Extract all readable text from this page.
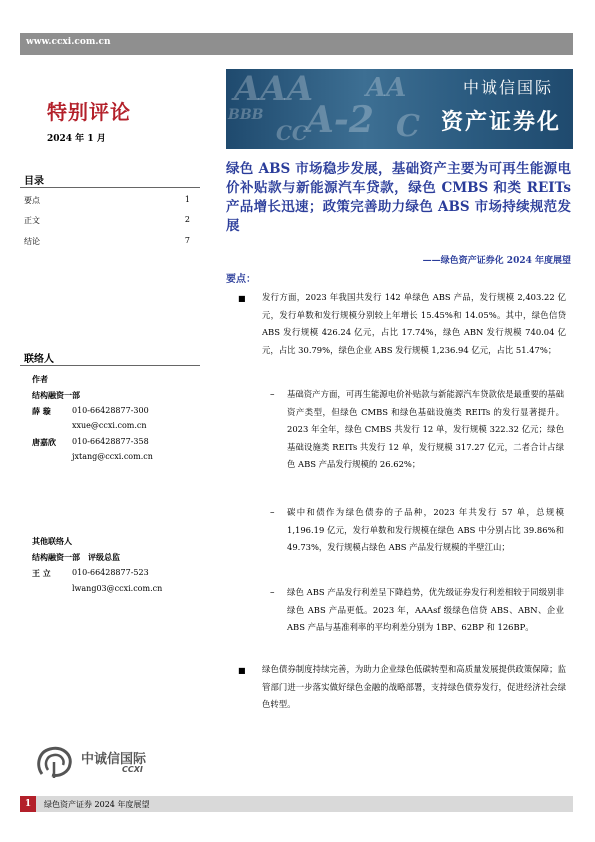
www.ccxi.com.cn
特别评论
2024 年 1 月
AAA
BBB A-2
CC
AA
C
中诚信国际
资产证券化
目录
要点	1
正文	2
结论	7
联络人
作者
结构融资一部
薛 璇	010-66428877-300
xxue@ccxi.com.cn
唐嘉欣 010-66428877-358
jxtang@ccxi.com.cn
其他联络人
结构融资一部　评级总监
王 立	010-66428877-523
lwang03@ccxi.com.cn
绿色 ABS 市场稳步发展，基础资产主要为可再生能源电价补贴款与新能源汽车贷款，绿色 CMBS 和类 REITs 产品增长迅速；政策完善助力绿色 ABS 市场持续规范发展
——绿色资产证券化 2024 年度展望
要点：
■ 发行方面，2023 年我国共发行 142 单绿色 ABS 产品，发行规模 2,403.22 亿元，发行单数和发行规模分别较上年增长 15.45%和 14.05%。其中，绿色信贷 ABS 发行规模 426.24 亿元，占比 17.74%，绿色 ABN 发行规模 740.04 亿元，占比 30.79%，绿色企业 ABS 发行规模 1,236.94 亿元，占比 51.47%；
– 基础资产方面，可再生能源电价补贴款与新能源汽车贷款依是最重要的基础资产类型，但绿色 CMBS 和绿色基础设施类 REITs 的发行显著提升。2023 年全年，绿色 CMBS 共发行 12 单，发行规模 322.32 亿元；绿色基础设施类 REITs 共发行 12 单，发行规模 317.27 亿元，二者合计占绿色 ABS 产品发行规模的 26.62%；
– 碳中和债作为绿色债券的子品种，2023 年共发行 57 单，总规模 1,196.19 亿元，发行单数和发行规模在绿色 ABS 中分别占比 39.86%和 49.73%，发行规模占绿色 ABS 产品发行规模的半壁江山；
– 绿色 ABS 产品发行利差呈下降趋势，优先级证券发行利差相较于同级别非绿色 ABS 产品更低。2023 年，AAAsf 级绿色信贷 ABS、ABN、企业 ABS 产品与基准利率的平均利差分别为 1BP、62BP 和 126BP。
■ 绿色债券制度持续完善，为助力企业绿色低碳转型和高质量发展提供政策保障；监管部门进一步落实做好绿色金融的战略部署，支持绿色债券发行，促进经济社会绿色转型。
中诚信国际
CCXI
1	绿色资产证券 2024 年度展望
